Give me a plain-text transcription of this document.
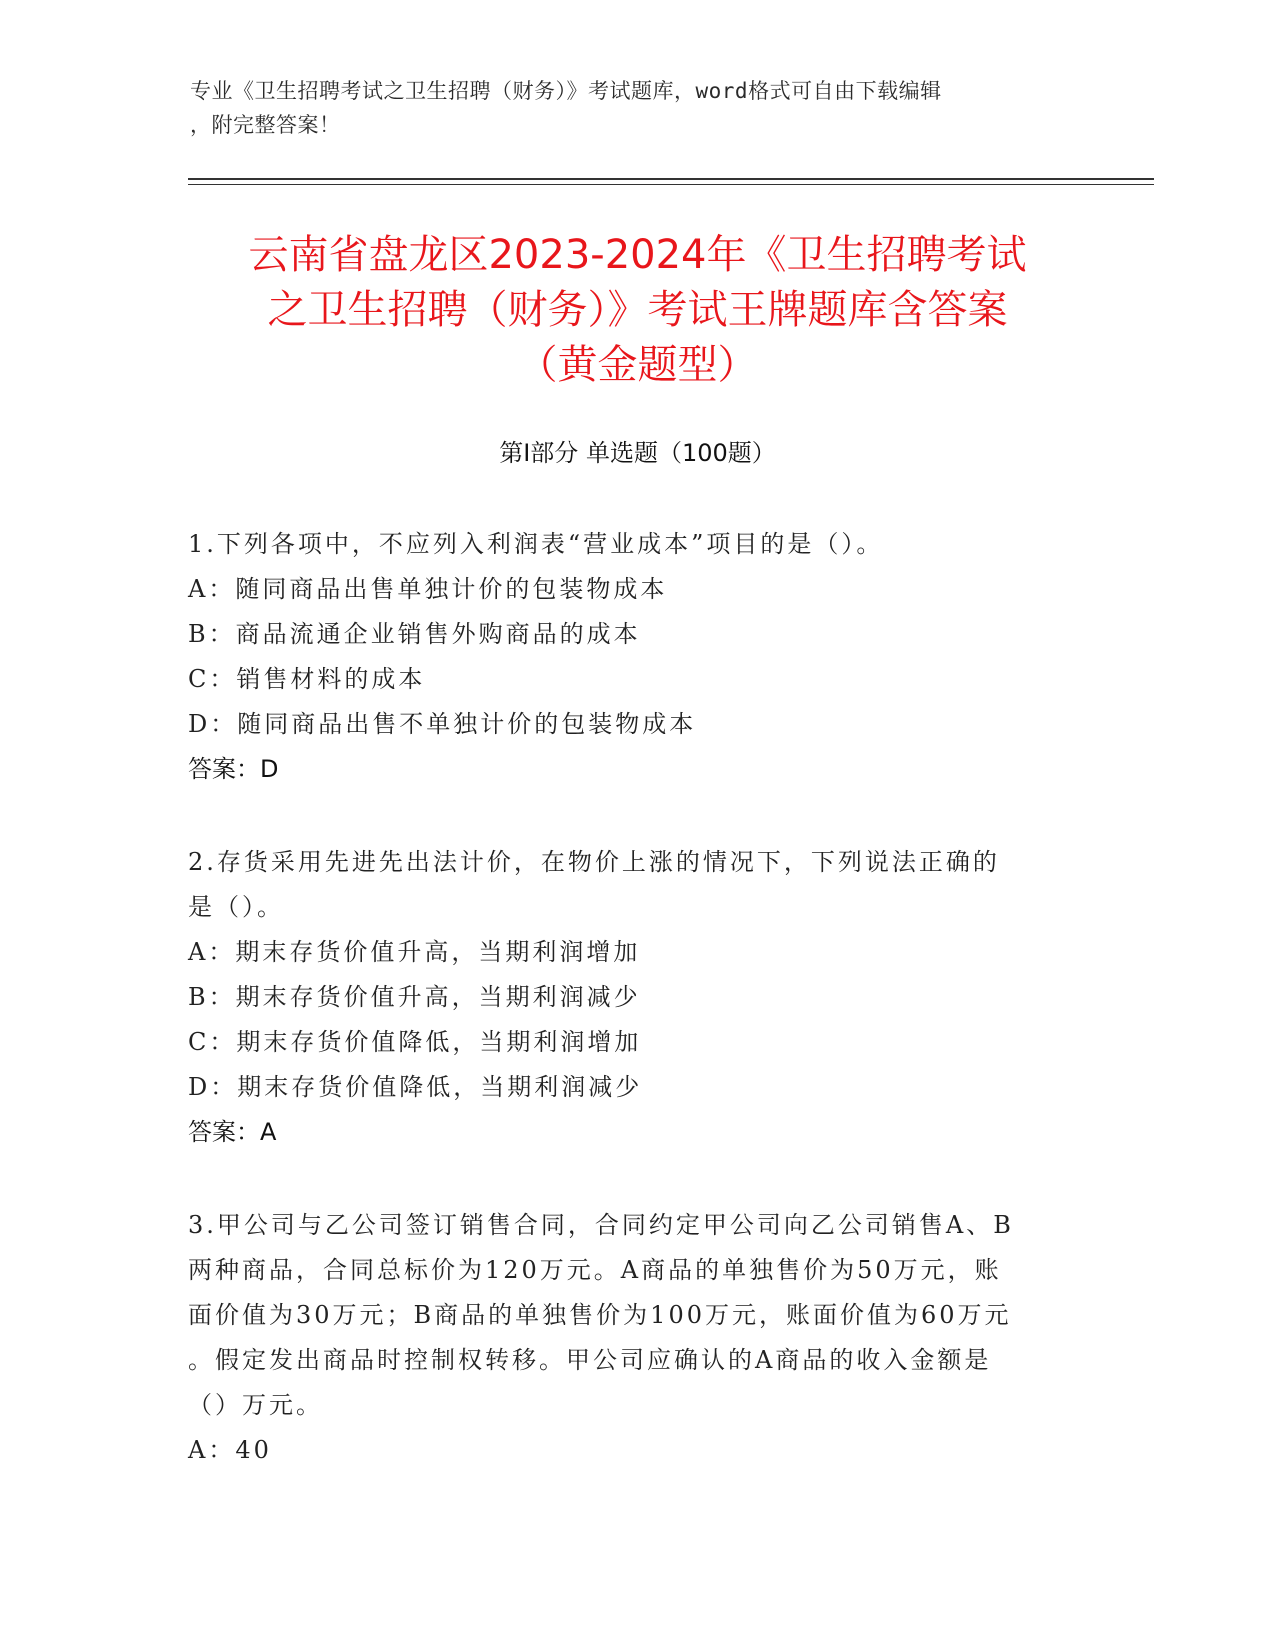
专业《卫生招聘考试之卫生招聘（财务）》考试题库，word格式可自由下载编辑
，附完整答案！
云南省盘龙区2023-2024年《卫生招聘考试
之卫生招聘（财务）》考试王牌题库含答案
（黄金题型）
第Ⅰ部分 单选题（100题）

1.下列各项中，不应列入利润表“营业成本”项目的是（）。

A：随同商品出售单独计价的包装物成本

B：商品流通企业销售外购商品的成本

C：销售材料的成本

D：随同商品出售不单独计价的包装物成本

答案：D

2.存货采用先进先出法计价，在物价上涨的情况下，下列说法正确的

是（）。

A：期末存货价值升高，当期利润增加

B：期末存货价值升高，当期利润减少

C：期末存货价值降低，当期利润增加

D：期末存货价值降低，当期利润减少

答案：A

3.甲公司与乙公司签订销售合同，合同约定甲公司向乙公司销售A、B

两种商品，合同总标价为120万元。A商品的单独售价为50万元，账

面价值为30万元；B商品的单独售价为100万元，账面价值为60万元

。假定发出商品时控制权转移。甲公司应确认的A商品的收入金额是

（）万元。

A：40
